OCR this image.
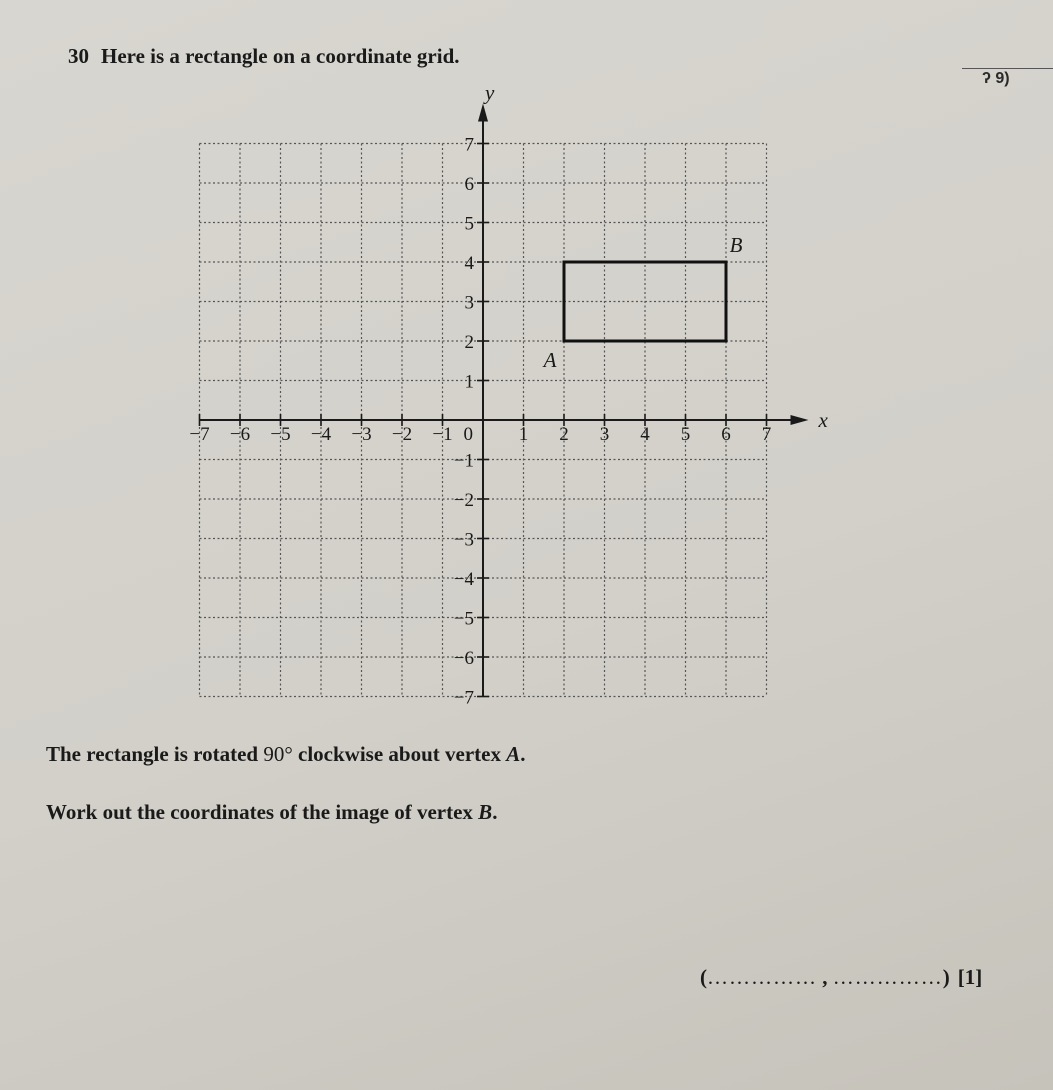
30 Here is a rectangle on a coordinate grid.
ʔ 9)
x
y
−7 −6 −5 −4 −3 −2 −1	1 2 3 4 5 6 7
7
6
5
4
3
2
1
−1
−2
−3
−4
−5
−6
−7
0
A
B
The rectangle is rotated 90° clockwise about vertex A.
Work out the coordinates of the image of vertex B.
(…………… , ……………) [1]
